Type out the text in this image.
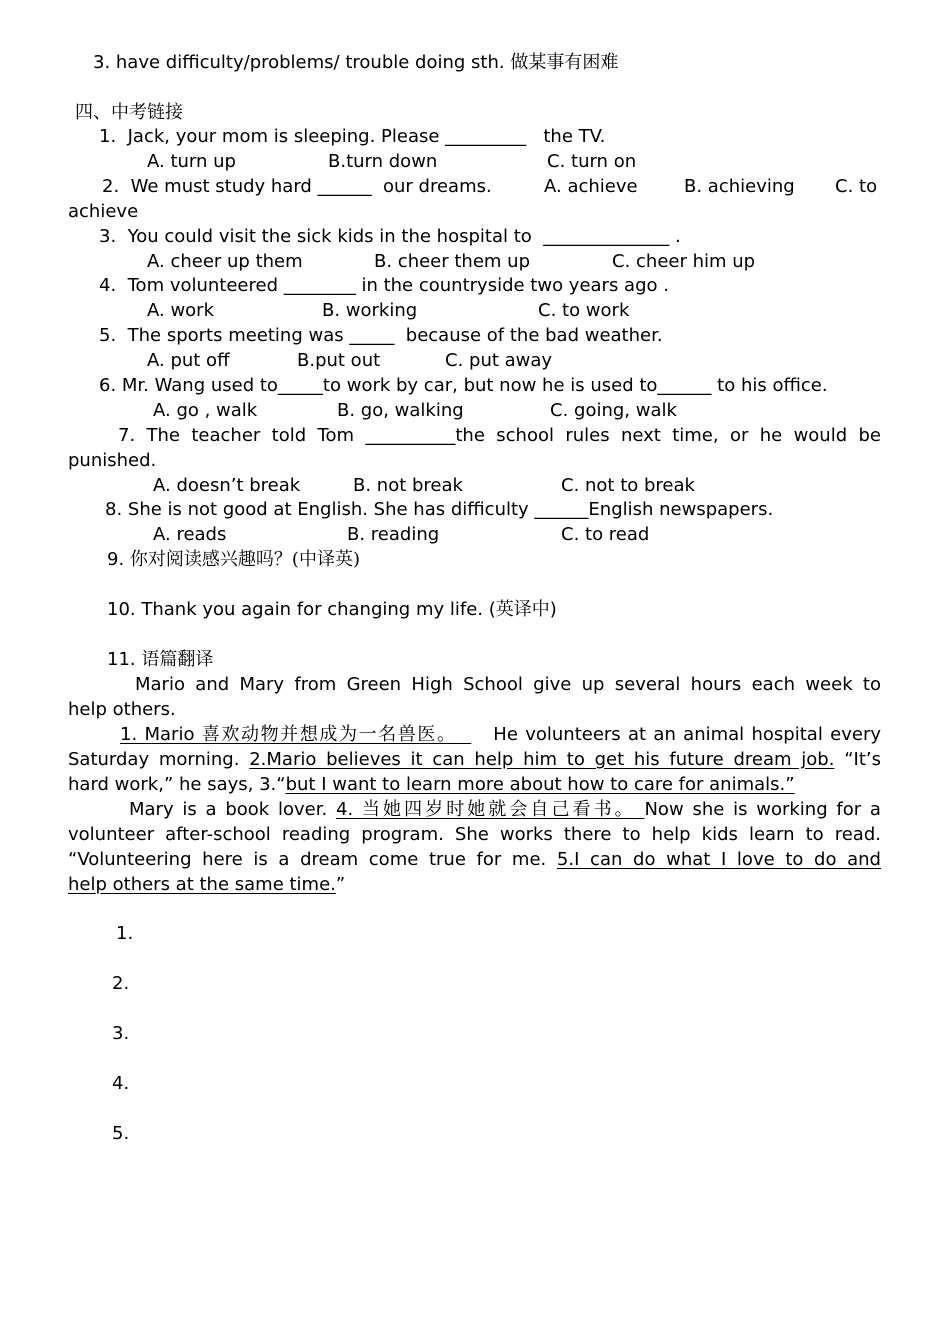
3. have difficulty/problems/ trouble doing sth. 做某事有困难
四、中考链接
1.  Jack, your mom is sleeping. Please _________   the TV.
A. turn up	B.turn down	C. turn on
2.  We must study hard ______  our dreams.	A. achieve	B. achieving C. to
achieve
3.  You could visit the sick kids in the hospital to  ______________ .
A. cheer up them	B. cheer them up	C. cheer him up
4.  Tom volunteered ________ in the countryside two years ago .
A. work	B. working	C. to work
5.  The sports meeting was _____  because of the bad weather.
A. put off	B.put out	C. put away
6. Mr. Wang used to_____to work by car, but now he is used to______ to his office.
A. go , walk	B. go, walking	C. going, walk
7. The teacher told Tom __________the school rules next time, or he would be
punished.
A. doesn’t break	B. not break	C. not to break
8. She is not good at English. She has difficulty ______English newspapers.
A. reads	B. reading	C. to read
9. 你对阅读感兴趣吗？(中译英)
10. Thank you again for changing my life. (英译中)
11. 语篇翻译
Mario and Mary from Green High School give up several hours each week to
help others.
1. Mario 喜欢动物并想成为一名兽医。 He volunteers at an animal hospital every
Saturday morning. 2.Mario believes it can help him to get his future dream job. “It’s
hard work,” he says, 3.“but I want to learn more about how to care for animals.”
Mary is a book lover. 4. 当她四岁时她就会自己看书。 Now she is working for a
volunteer after-school reading program. She works there to help kids learn to read.
“Volunteering here is a dream come true for me. 5.I can do what I love to do and
help others at the same time.”
1.
2.
3.
4.
5.
